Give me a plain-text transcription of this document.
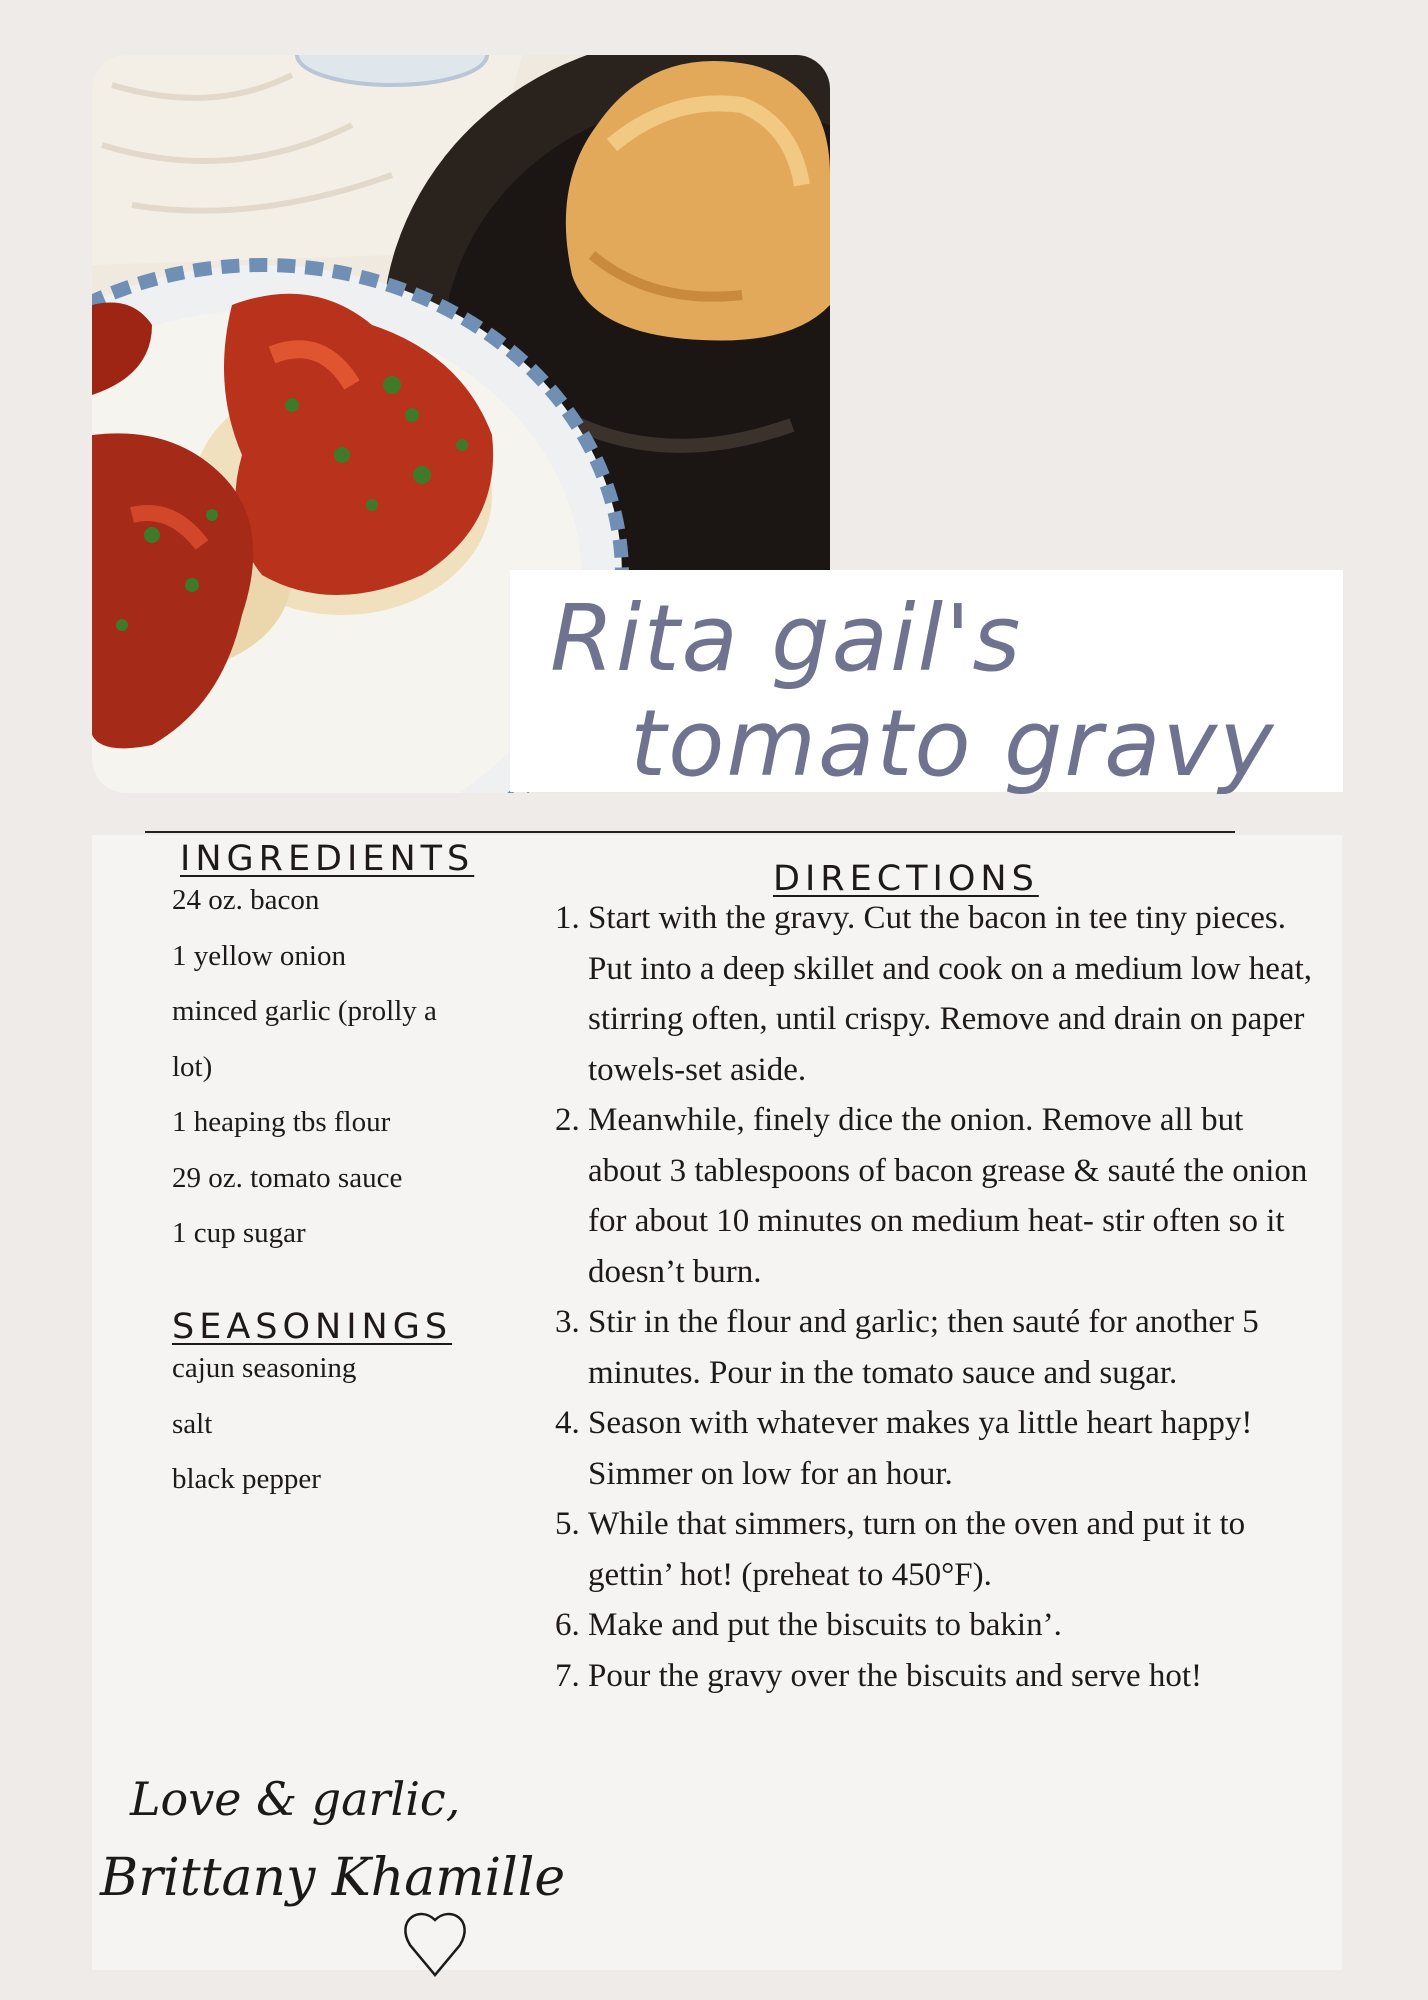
Rita gail's
tomato gravy
INGREDIENTS
24 oz. bacon
1 yellow onion
minced garlic (prolly a
lot)
1 heaping tbs flour
29 oz. tomato sauce
1 cup sugar
SEASONINGS
cajun seasoning
salt
black pepper
DIRECTIONS
1. Start with the gravy. Cut the bacon in tee tiny pieces. Put into a deep skillet and cook on a medium low heat, stirring often, until crispy. Remove and drain on paper towels-set aside.
2. Meanwhile, finely dice the onion. Remove all but about 3 tablespoons of bacon grease & sauté the onion for about 10 minutes on medium heat- stir often so it doesn’t burn.
3. Stir in the flour and garlic; then sauté for another 5 minutes. Pour in the tomato sauce and sugar.
4. Season with whatever makes ya little heart happy! Simmer on low for an hour.
5. While that simmers, turn on the oven and put it to gettin’ hot! (preheat to 450°F).
6. Make and put the biscuits to bakin’.
7. Pour the gravy over the biscuits and serve hot!
Love & garlic,
Brittany Khamille
